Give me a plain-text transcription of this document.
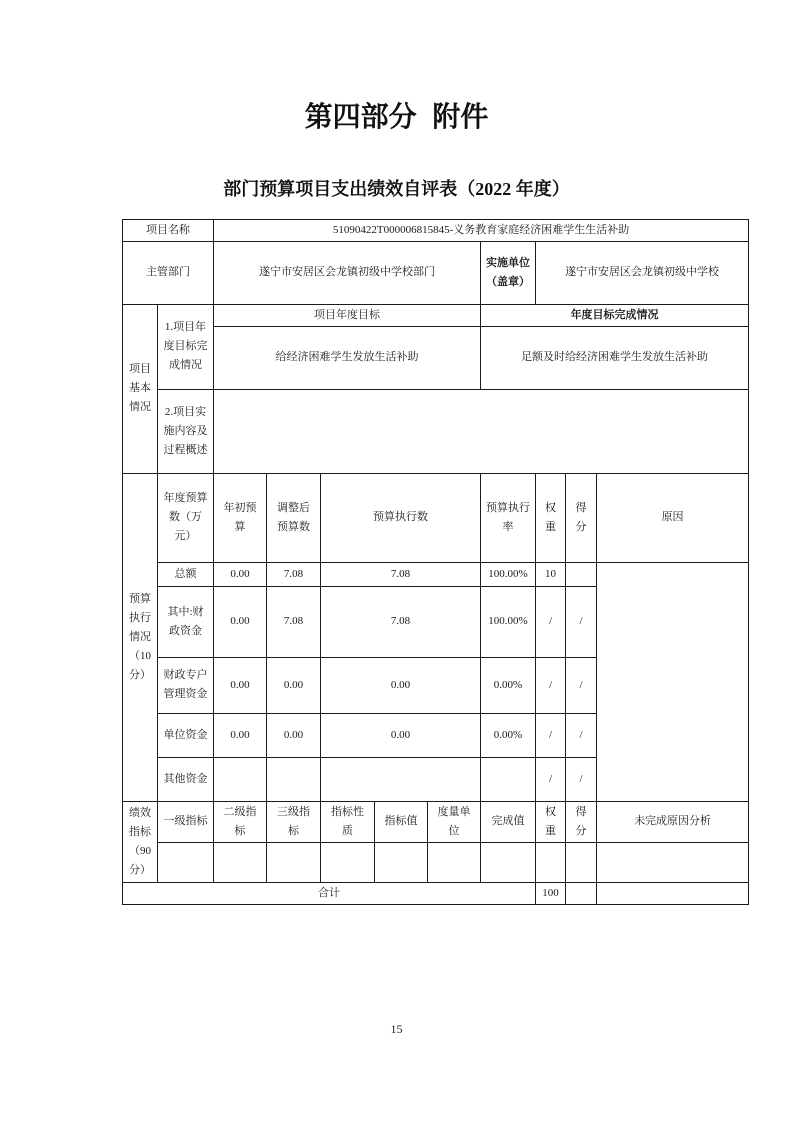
第四部分 附件
部门预算项目支出绩效自评表（2022 年度）
项目名称		51090422T000006815845-义务教育家庭经济困难学生生活补助								
主管部门		遂宁市安居区会龙镇初级中学校部门					实施单位（盖章）	遂宁市安居区会龙镇初级中学校		
项目基本情况	1.项目年度目标完成情况	项目年度目标					年度目标完成情况			
		给经济困难学生发放生活补助					足额及时给经济困难学生发放生活补助			
	2.项目实施内容及过程概述									
预算执行情况（10分）	年度预算数（万元）	年初预算	调整后预算数	预算执行数			预算执行率	权重	得分	原因
	总额	0.00	7.08	7.08			100.00%	10		
	其中:财政资金	0.00	7.08	7.08			100.00%	/	/	
	财政专户管理资金	0.00	0.00	0.00			0.00%	/	/	
	单位资金	0.00	0.00	0.00			0.00%	/	/	
	其他资金							/	/	
绩效指标（90分）	一级指标	二级指标	三级指标	指标性质	指标值	度量单位	完成值	权重	得分	未完成原因分析

合计								100		
15
